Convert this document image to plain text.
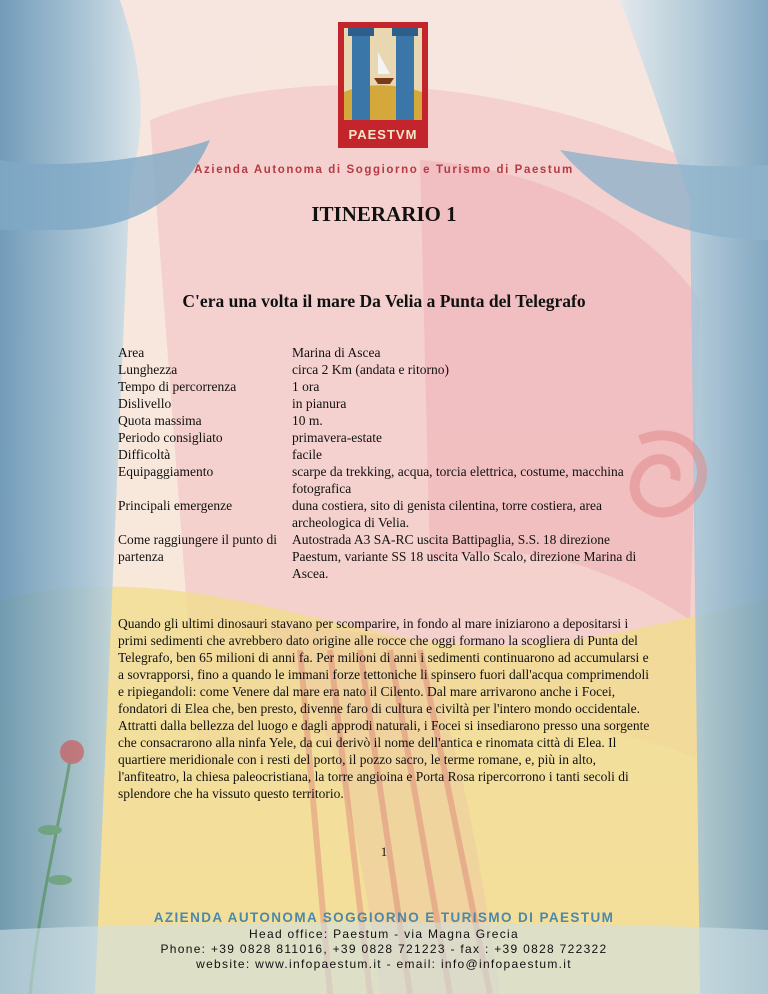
PAESTVM
Azienda Autonoma di Soggiorno e Turismo di Paestum
ITINERARIO 1
C'era una volta il mare Da Velia a Punta del Telegrafo
Area	Marina di Ascea
Lunghezza	circa 2 Km (andata e ritorno)
Tempo di percorrenza	1 ora
Dislivello	in pianura
Quota massima	10 m.
Periodo consigliato	primavera-estate
Difficoltà	facile
Equipaggiamento	scarpe da trekking, acqua, torcia elettrica, costume, macchina fotografica
Principali emergenze	duna costiera, sito di genista cilentina, torre costiera, area archeologica di Velia.
Come raggiungere il punto di partenza	Autostrada A3 SA-RC uscita Battipaglia, S.S. 18 direzione Paestum, variante SS 18 uscita Vallo Scalo, direzione Marina di Ascea.

Quando gli ultimi dinosauri stavano per scomparire, in fondo al mare iniziarono a depositarsi i primi sedimenti che avrebbero dato origine alle rocce che oggi formano la scogliera di Punta del Telegrafo, ben 65 milioni di anni fa. Per milioni di anni i sedimenti continuarono ad accumularsi e a sovrapporsi, fino a quando le immani forze tettoniche li spinsero fuori dall'acqua comprimendoli e ripiegandoli: come Venere dal mare era nato il Cilento. Dal mare arrivarono anche i Focei, fondatori di Elea che, ben presto, divenne faro di cultura e civiltà per l'intero mondo occidentale. Attratti dalla bellezza del luogo e dagli approdi naturali, i Focei si insediarono presso una sorgente che consacrarono alla ninfa Yele, da cui derivò il nome dell'antica e rinomata città di Elea. Il quartiere meridionale con i resti del porto, il pozzo sacro, le terme romane, e, più in alto, l'anfiteatro, la chiesa paleocristiana, la torre angioina e Porta Rosa ripercorrono i tanti secoli di splendore che ha vissuto questo territorio.

1
AZIENDA AUTONOMA SOGGIORNO E TURISMO DI PAESTUM
Head office: Paestum - via Magna Grecia
Phone: +39 0828 811016, +39 0828 721223 - fax : +39 0828 722322
website: www.infopaestum.it - email: info@infopaestum.it
